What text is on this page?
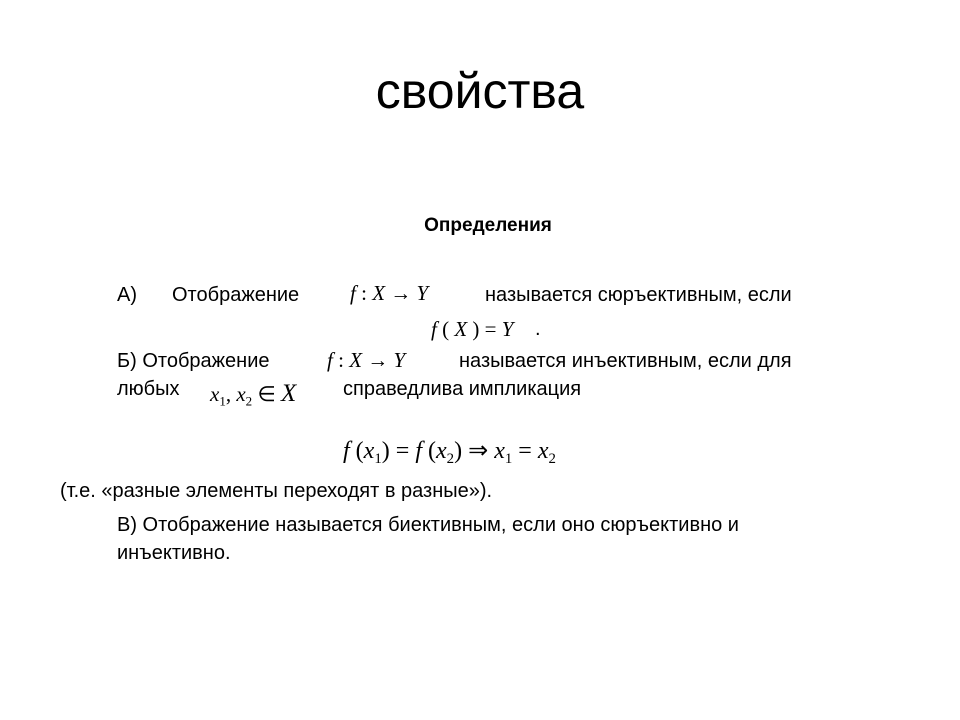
свойства
Определения
А) Отображение f : X → Y	называется сюръективным, если
f ( X ) = Y .
Б) Отображение	f : X → Y	называется инъективным, если для
любых $x_1$, $x_2$ ∈ X справедлива импликация
f $(x_1) = f$ $(x_2)$ ⇒ $x_1 = x_2$
(т.е. «разные элементы переходят в разные»).
В) Отображение называется биективным, если оно сюръективно и
инъективно.
